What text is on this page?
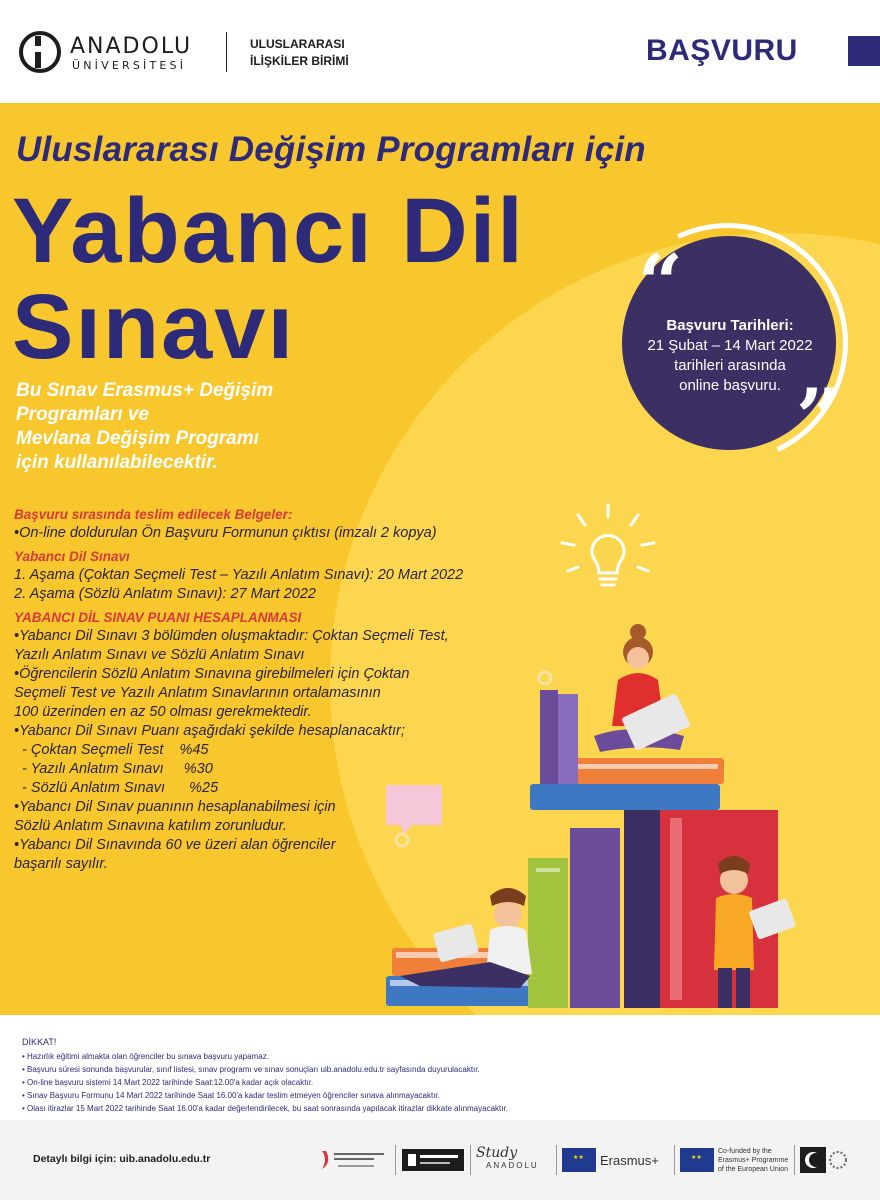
ANADOLU
ÜNİVERSİTESİ
ULUSLARARASI
İLİŞKİLER BİRİMİ	BAŞVURU
Uluslararası Değişim Programları için
Yabancı Dil
Sınavı
Bu Sınav Erasmus+ Değişim
Programları ve
Mevlana Değişim Programı
için kullanılabilecektir.
“
”
Başvuru Tarihleri:
21 Şubat – 14 Mart 2022
tarihleri arasında
online başvuru.
Başvuru sırasında teslim edilecek Belgeler:
•On-line doldurulan Ön Başvuru Formunun çıktısı (imzalı 2 kopya)
Yabancı Dil Sınavı
1. Aşama (Çoktan Seçmeli Test – Yazılı Anlatım Sınavı): 20 Mart 2022
2. Aşama (Sözlü Anlatım Sınavı): 27 Mart 2022
YABANCI DİL SINAV PUANI HESAPLANMASI
•Yabancı Dil Sınavı 3 bölümden oluşmaktadır: Çoktan Seçmeli Test,
Yazılı Anlatım Sınavı ve Sözlü Anlatım Sınavı
•Öğrencilerin Sözlü Anlatım Sınavına girebilmeleri için Çoktan
Seçmeli Test ve Yazılı Anlatım Sınavlarının ortalamasının
100 üzerinden en az 50 olması gerekmektedir.
•Yabancı Dil Sınavı Puanı aşağıdaki şekilde hesaplanacaktır;
- Çoktan Seçmeli Test    %45
- Yazılı Anlatım Sınavı     %30
- Sözlü Anlatım Sınavı      %25
•Yabancı Dil Sınav puanının hesaplanabilmesi için
Sözlü Anlatım Sınavına katılım zorunludur.
•Yabancı Dil Sınavında 60 ve üzeri alan öğrenciler
başarılı sayılır.
DİKKAT!
• Hazırlık eğitimi almakta olan öğrenciler bu sınava başvuru yapamaz.
• Başvuru süresi sonunda başvurular, sınıf listesi, sınav programı ve sınav sonuçları uib.anadolu.edu.tr sayfasında duyurulacaktır.
• On-line başvuru sistemi 14 Mart 2022 tarihinde Saat:12.00'a kadar açık olacaktır.
• Sınav Başvuru Formunu 14 Mart 2022 tarihinde Saat 16.00'a kadar teslim etmeyen öğrenciler sınava alınmayacaktır.
• Olası itirazlar 15 Mart 2022 tarihinde Saat 16.00'a kadar değerlendirilecek, bu saat sonrasında yapılacak itirazlar dikkate alınmayacaktır.
Detaylı bilgi için: uib.anadolu.edu.tr	Study
ANADOLU
★★ Erasmus+	★★
Co-funded by the
Erasmus+ Programme
of the European Union
